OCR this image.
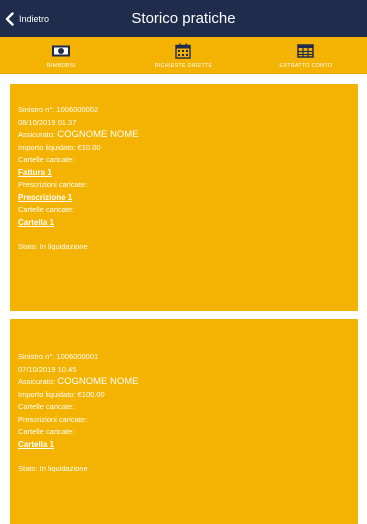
Indietro	Storico pratiche
RIMBORSI	RICHIESTE DIRETTE	ESTRATTO CONTO
Sinistro n°: 1006000002
08/10/2019 01.37
Assicurato: COGNOME NOME
Importo liquidato: €10.00
Cartelle caricate:
Fattura 1
Prescrizioni caricate:
Prescrizione 1
Cartelle caricate:
Cartella 1
Stato: In liquidazione
Sinistro n°: 1006000001
07/10/2019 10.45
Assicurato: COGNOME NOME
Importo liquidato: €100.00
Cartelle caricate:
Prescrizioni caricate:
Cartelle caricate:
Cartella 1
Stato: In liquidazione
